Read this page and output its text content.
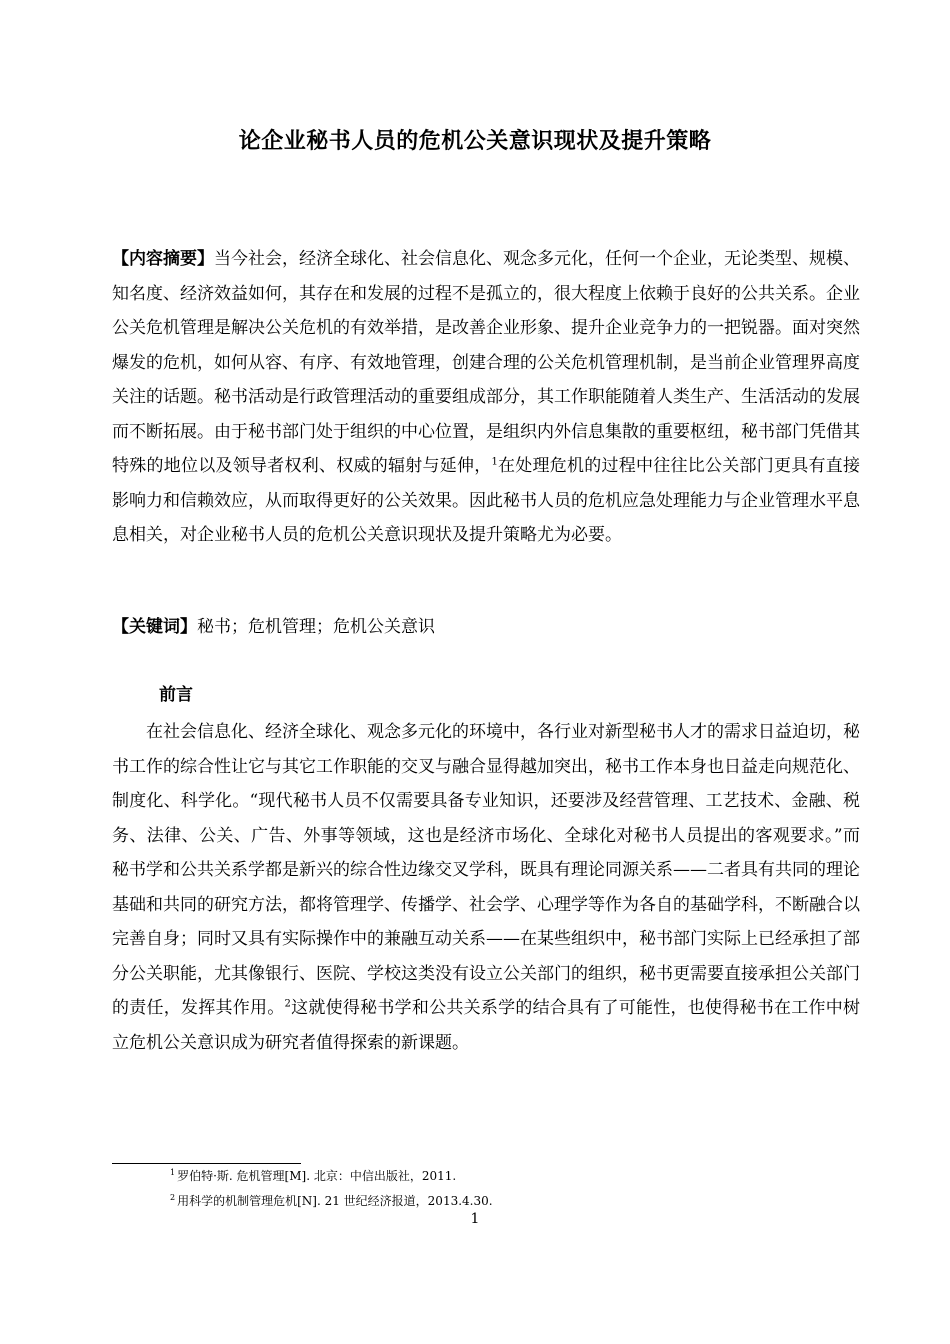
论企业秘书人员的危机公关意识现状及提升策略
【内容摘要】当今社会，经济全球化、社会信息化、观念多元化，任何一个企业，无论类型、规模、知名度、经济效益如何，其存在和发展的过程不是孤立的，很大程度上依赖于良好的公共关系。企业公关危机管理是解决公关危机的有效举措，是改善企业形象、提升企业竞争力的一把锐器。面对突然爆发的危机，如何从容、有序、有效地管理，创建合理的公关危机管理机制，是当前企业管理界高度关注的话题。秘书活动是行政管理活动的重要组成部分，其工作职能随着人类生产、生活活动的发展而不断拓展。由于秘书部门处于组织的中心位置，是组织内外信息集散的重要枢纽，秘书部门凭借其特殊的地位以及领导者权利、权威的辐射与延伸，$^1$在处理危机的过程中往往比公关部门更具有直接影响力和信赖效应，从而取得更好的公关效果。因此秘书人员的危机应急处理能力与企业管理水平息息相关，对企业秘书人员的危机公关意识现状及提升策略尤为必要。
【关键词】秘书；危机管理；危机公关意识
前言
在社会信息化、经济全球化、观念多元化的环境中，各行业对新型秘书人才的需求日益迫切，秘书工作的综合性让它与其它工作职能的交叉与融合显得越加突出，秘书工作本身也日益走向规范化、制度化、科学化。“现代秘书人员不仅需要具备专业知识，还要涉及经营管理、工艺技术、金融、税务、法律、公关、广告、外事等领域，这也是经济市场化、全球化对秘书人员提出的客观要求。”而秘书学和公共关系学都是新兴的综合性边缘交叉学科，既具有理论同源关系——二者具有共同的理论基础和共同的研究方法，都将管理学、传播学、社会学、心理学等作为各自的基础学科，不断融合以完善自身；同时又具有实际操作中的兼融互动关系——在某些组织中，秘书部门实际上已经承担了部分公关职能，尤其像银行、医院、学校这类没有设立公关部门的组织，秘书更需要直接承担公关部门的责任，发挥其作用。$^2$这就使得秘书学和公共关系学的结合具有了可能性，也使得秘书在工作中树立危机公关意识成为研究者值得探索的新课题。
$^1$ 罗伯特·斯. 危机管理[M]. 北京：中信出版社，2011.
$^2$ 用科学的机制管理危机[N]. 21 世纪经济报道，2013.4.30.
1
